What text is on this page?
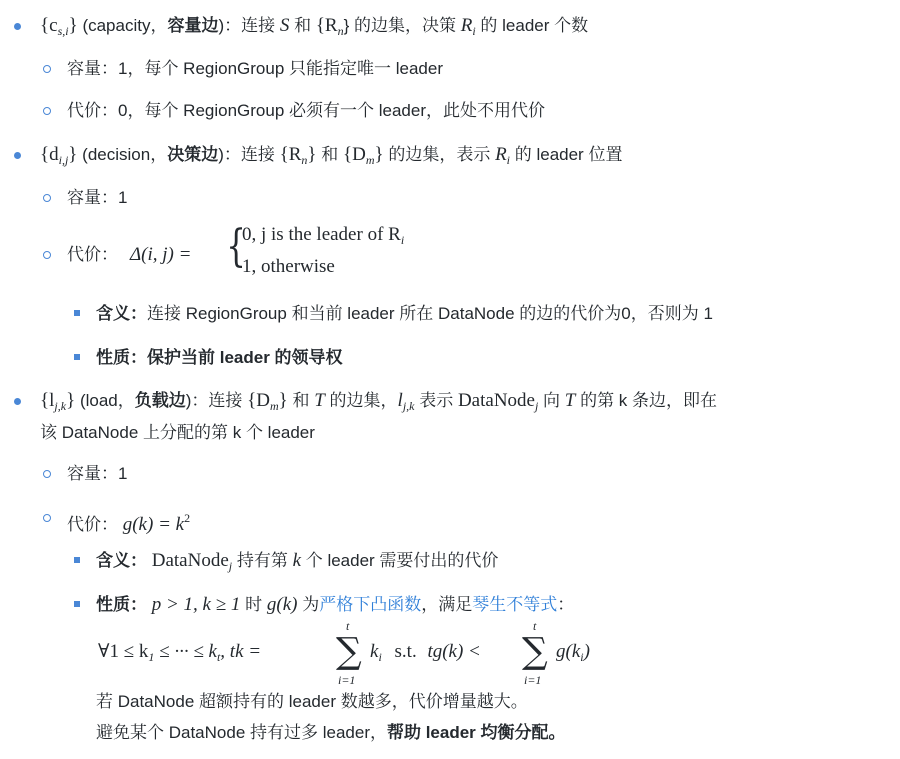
$\{c_{s,i}\}$ (capacity，容量边)：连接 S 和 $\{R_n\}$ 的边集，决策 $R_i$ 的 leader 个数
容量：1，每个 RegionGroup 只能指定唯一 leader
代价：0，每个 RegionGroup 必须有一个 leader，此处不用代价
$\{d_{i,j}\}$ (decision，决策边)：连接 $\{R_n\}$ 和 $\{D_m\}$ 的边集，表示 $R_i$ 的 leader 位置
容量：1
代价： Δ(i, j) = {
0, j is the leader of $R_i$
1, otherwise
含义：连接 RegionGroup 和当前 leader 所在 DataNode 的边的代价为0，否则为 1
性质：保护当前 leader 的领导权
$\{l_{j,k}\}$ (load，负载边)：连接 $\{D_m\}$ 和 T 的边集，$l_{j,k}$ 表示 DataNode$_j$ 向 T 的第 k 条边，即在
该 DataNode 上分配的第 k 个 leader
容量：1
代价： $g(k) = k^2$
含义： DataNode$_j$ 持有第 k 个 leader 需要付出的代价
性质： p > 1, k ≥ 1 时 g(k) 为严格下凸函数，满足琴生不等式：
∀1 ≤ $k_1$ ≤ ··· ≤ $k_t$, tk =
t
∑
i=1
$k_i$ s.t. tg(k) <
t
∑
i=1
$g(k_i)$
若 DataNode 超额持有的 leader 数越多，代价增量越大。
避免某个 DataNode 持有过多 leader，帮助 leader 均衡分配。
